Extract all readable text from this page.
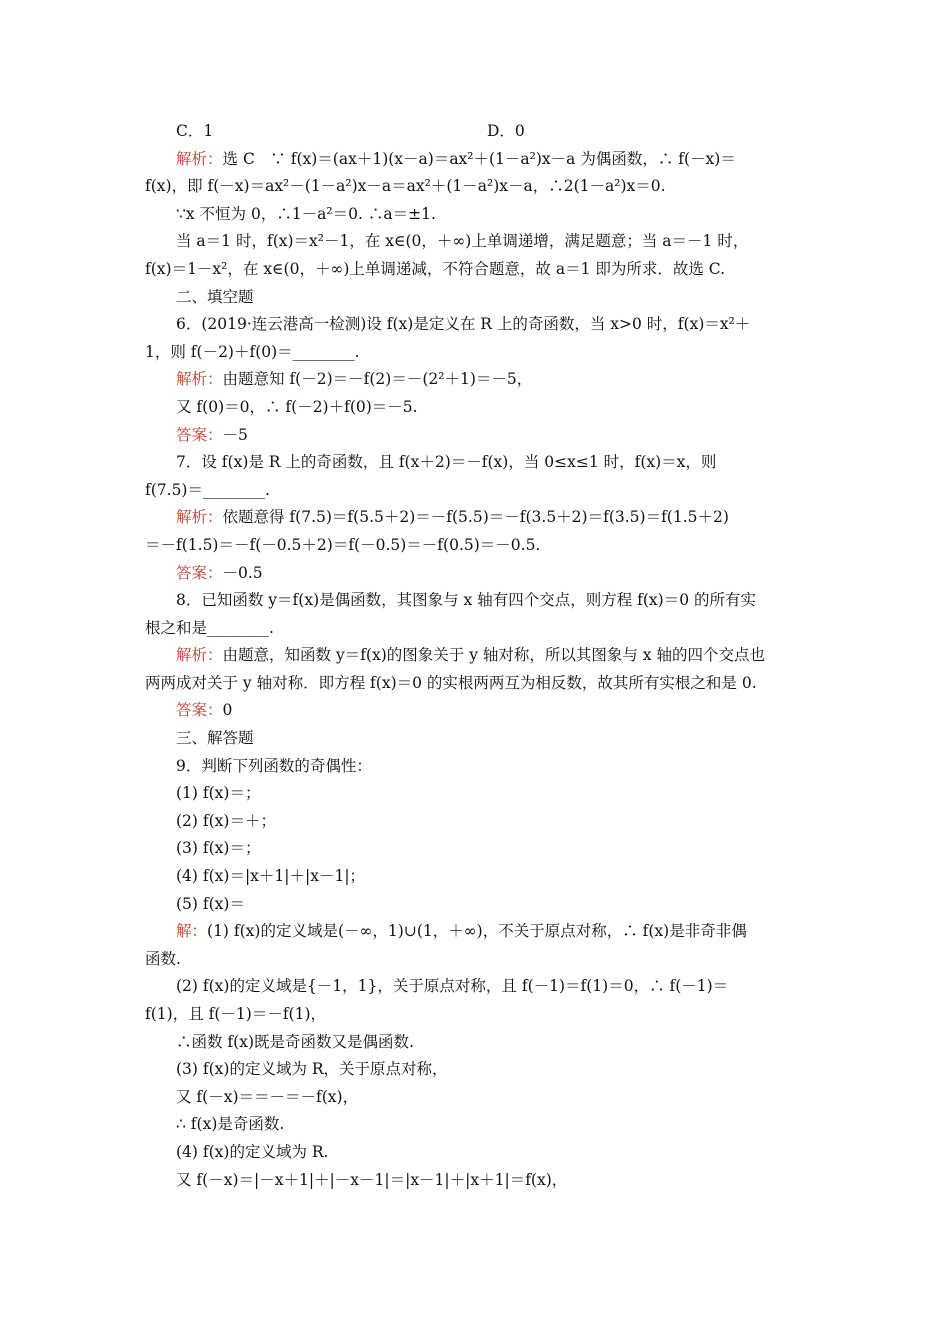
C．1	D．0
解析：选 C　∵ f(x)＝(ax＋1)(x－a)＝ax²＋(1－a²)x－a 为偶函数，∴ f(－x)＝
f(x)，即 f(－x)＝ax²－(1－a²)x－a＝ax²＋(1－a²)x－a，∴2(1－a²)x＝0.
∵x 不恒为 0，∴1－a²＝0. ∴a＝±1.
当 a＝1 时，f(x)＝x²－1，在 x∈(0，＋∞)上单调递增，满足题意；当 a＝－1 时，
f(x)＝1－x²，在 x∈(0，＋∞)上单调递减，不符合题意，故 a＝1 即为所求．故选 C.
二、填空题
6．(2019·连云港高一检测)设 f(x)是定义在 R 上的奇函数，当 x>0 时，f(x)＝x²＋
1，则 f(－2)＋f(0)＝________.
解析：由题意知 f(－2)＝－f(2)＝－(2²＋1)＝－5，
又 f(0)＝0，∴ f(－2)＋f(0)＝－5.
答案：－5
7．设 f(x)是 R 上的奇函数，且 f(x＋2)＝－f(x)，当 0≤x≤1 时，f(x)＝x，则
f(7.5)＝________.
解析：依题意得 f(7.5)＝f(5.5＋2)＝－f(5.5)＝－f(3.5＋2)＝f(3.5)＝f(1.5＋2)
＝－f(1.5)＝－f(－0.5＋2)＝f(－0.5)＝－f(0.5)＝－0.5.
答案：－0.5
8．已知函数 y＝f(x)是偶函数，其图象与 x 轴有四个交点，则方程 f(x)＝0 的所有实
根之和是________.
解析：由题意，知函数 y＝f(x)的图象关于 y 轴对称，所以其图象与 x 轴的四个交点也
两两成对关于 y 轴对称．即方程 f(x)＝0 的实根两两互为相反数，故其所有实根之和是 0.
答案：0
三、解答题
9．判断下列函数的奇偶性：
(1) f(x)＝；
(2) f(x)＝＋；
(3) f(x)＝；
(4) f(x)＝|x＋1|＋|x－1|；
(5) f(x)＝
解：(1) f(x)的定义域是(－∞，1)∪(1，＋∞)，不关于原点对称，∴ f(x)是非奇非偶
函数.
(2) f(x)的定义域是{－1，1}，关于原点对称，且 f(－1)＝f(1)＝0，∴ f(－1)＝
f(1)，且 f(－1)＝－f(1)，
∴函数 f(x)既是奇函数又是偶函数.
(3) f(x)的定义域为 R，关于原点对称，
又 f(－x)＝＝－＝－f(x)，
∴ f(x)是奇函数.
(4) f(x)的定义域为 R.
又 f(－x)＝|－x＋1|＋|－x－1|＝|x－1|＋|x＋1|＝f(x)，
